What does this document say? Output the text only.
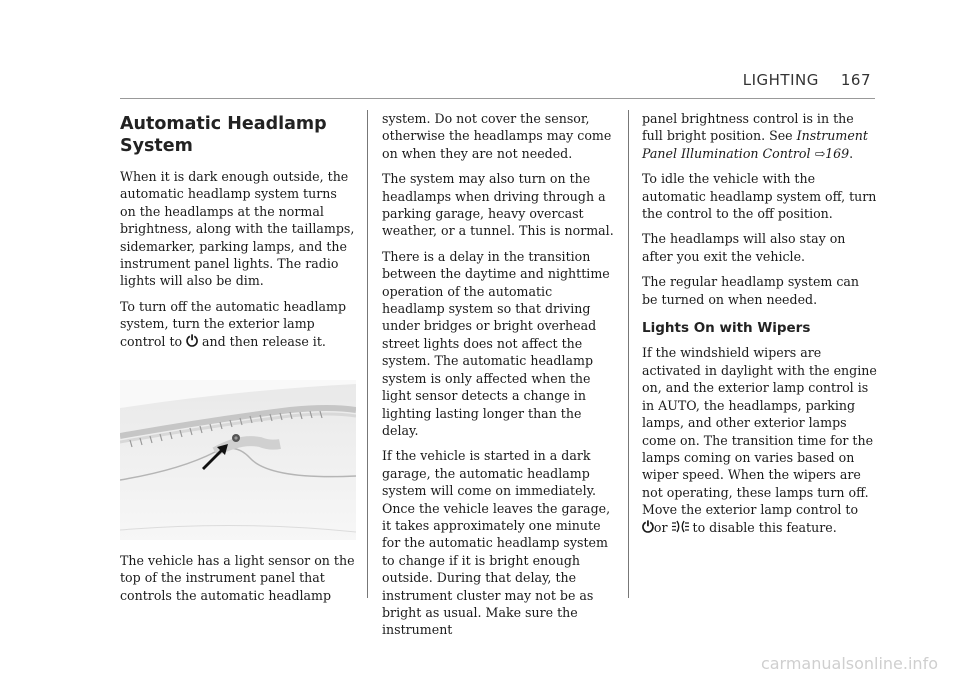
LIGHTING 167
Automatic Headlamp
System

When it is dark enough outside, the automatic headlamp system turns on the headlamps at the normal brightness, along with the taillamps, sidemarker, parking lamps, and the instrument panel lights. The radio lights will also be dim.

To turn off the automatic headlamp system, turn the exterior lamp control to ⏻ and then release it.

The vehicle has a light sensor on the top of the instrument panel that controls the automatic headlamp

system. Do not cover the sensor, otherwise the headlamps may come on when they are not needed.

The system may also turn on the headlamps when driving through a parking garage, heavy overcast weather, or a tunnel. This is normal.

There is a delay in the transition between the daytime and nighttime operation of the automatic headlamp system so that driving under bridges or bright overhead street lights does not affect the system. The automatic headlamp system is only affected when the light sensor detects a change in lighting lasting longer than the delay.

If the vehicle is started in a dark garage, the automatic headlamp system will come on immediately. Once the vehicle leaves the garage, it takes approximately one minute for the automatic headlamp system to change if it is bright enough outside. During that delay, the instrument cluster may not be as bright as usual. Make sure the instrument

panel brightness control is in the full bright position. See Instrument Panel Illumination Control ⇨169.

To idle the vehicle with the automatic headlamp system off, turn the control to the off position.

The headlamps will also stay on after you exit the vehicle.

The regular headlamp system can be turned on when needed.

Lights On with Wipers

If the windshield wipers are activated in daylight with the engine on, and the exterior lamp control is in AUTO, the headlamps, parking lamps, and other exterior lamps come on. The transition time for the lamps coming on varies based on wiper speed. When the wipers are not operating, these lamps turn off. Move the exterior lamp control to ⏻or to disable this feature.

carmanualsonline.info
